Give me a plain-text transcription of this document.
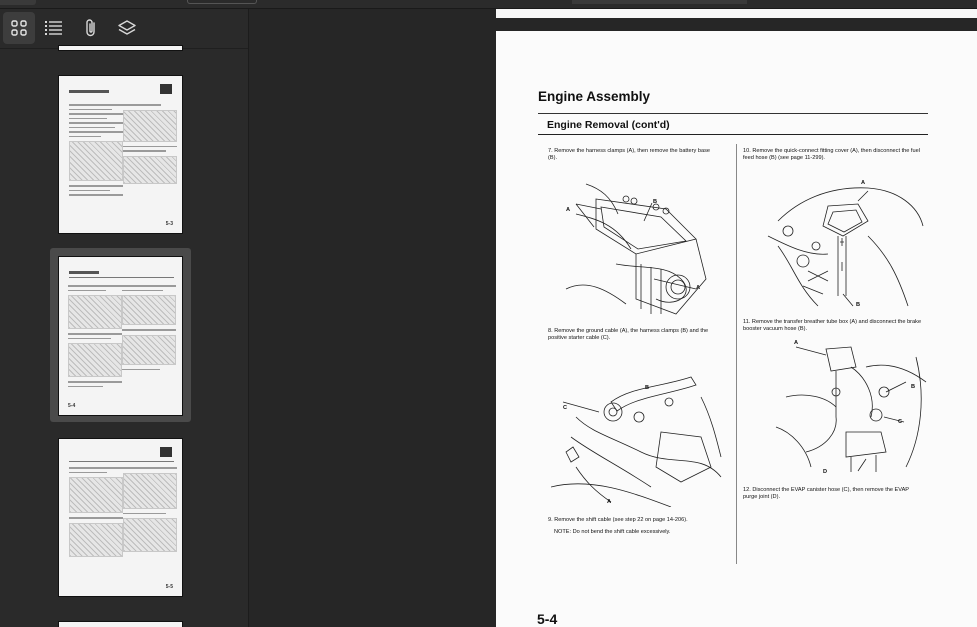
5-3
5-4
5-5
Engine Assembly
Engine Removal (cont'd)
7. Remove the harness clamps (A), then remove the battery base (B).
A
B
A
8. Remove the ground cable (A), the harness clamps (B) and the positive starter cable (C).
B
C
A
9. Remove the shift cable (see step 22 on page 14-206).
NOTE: Do not bend the shift cable excessively.
10. Remove the quick-connect fitting cover (A), then disconnect the fuel feed hose (B) (see page 11-299).
A
B
11. Remove the transfer breather tube box (A) and disconnect the brake booster vacuum hose (B).
A
B
C
D
12. Disconnect the EVAP canister hose (C), then remove the EVAP purge joint (D).
5-4
